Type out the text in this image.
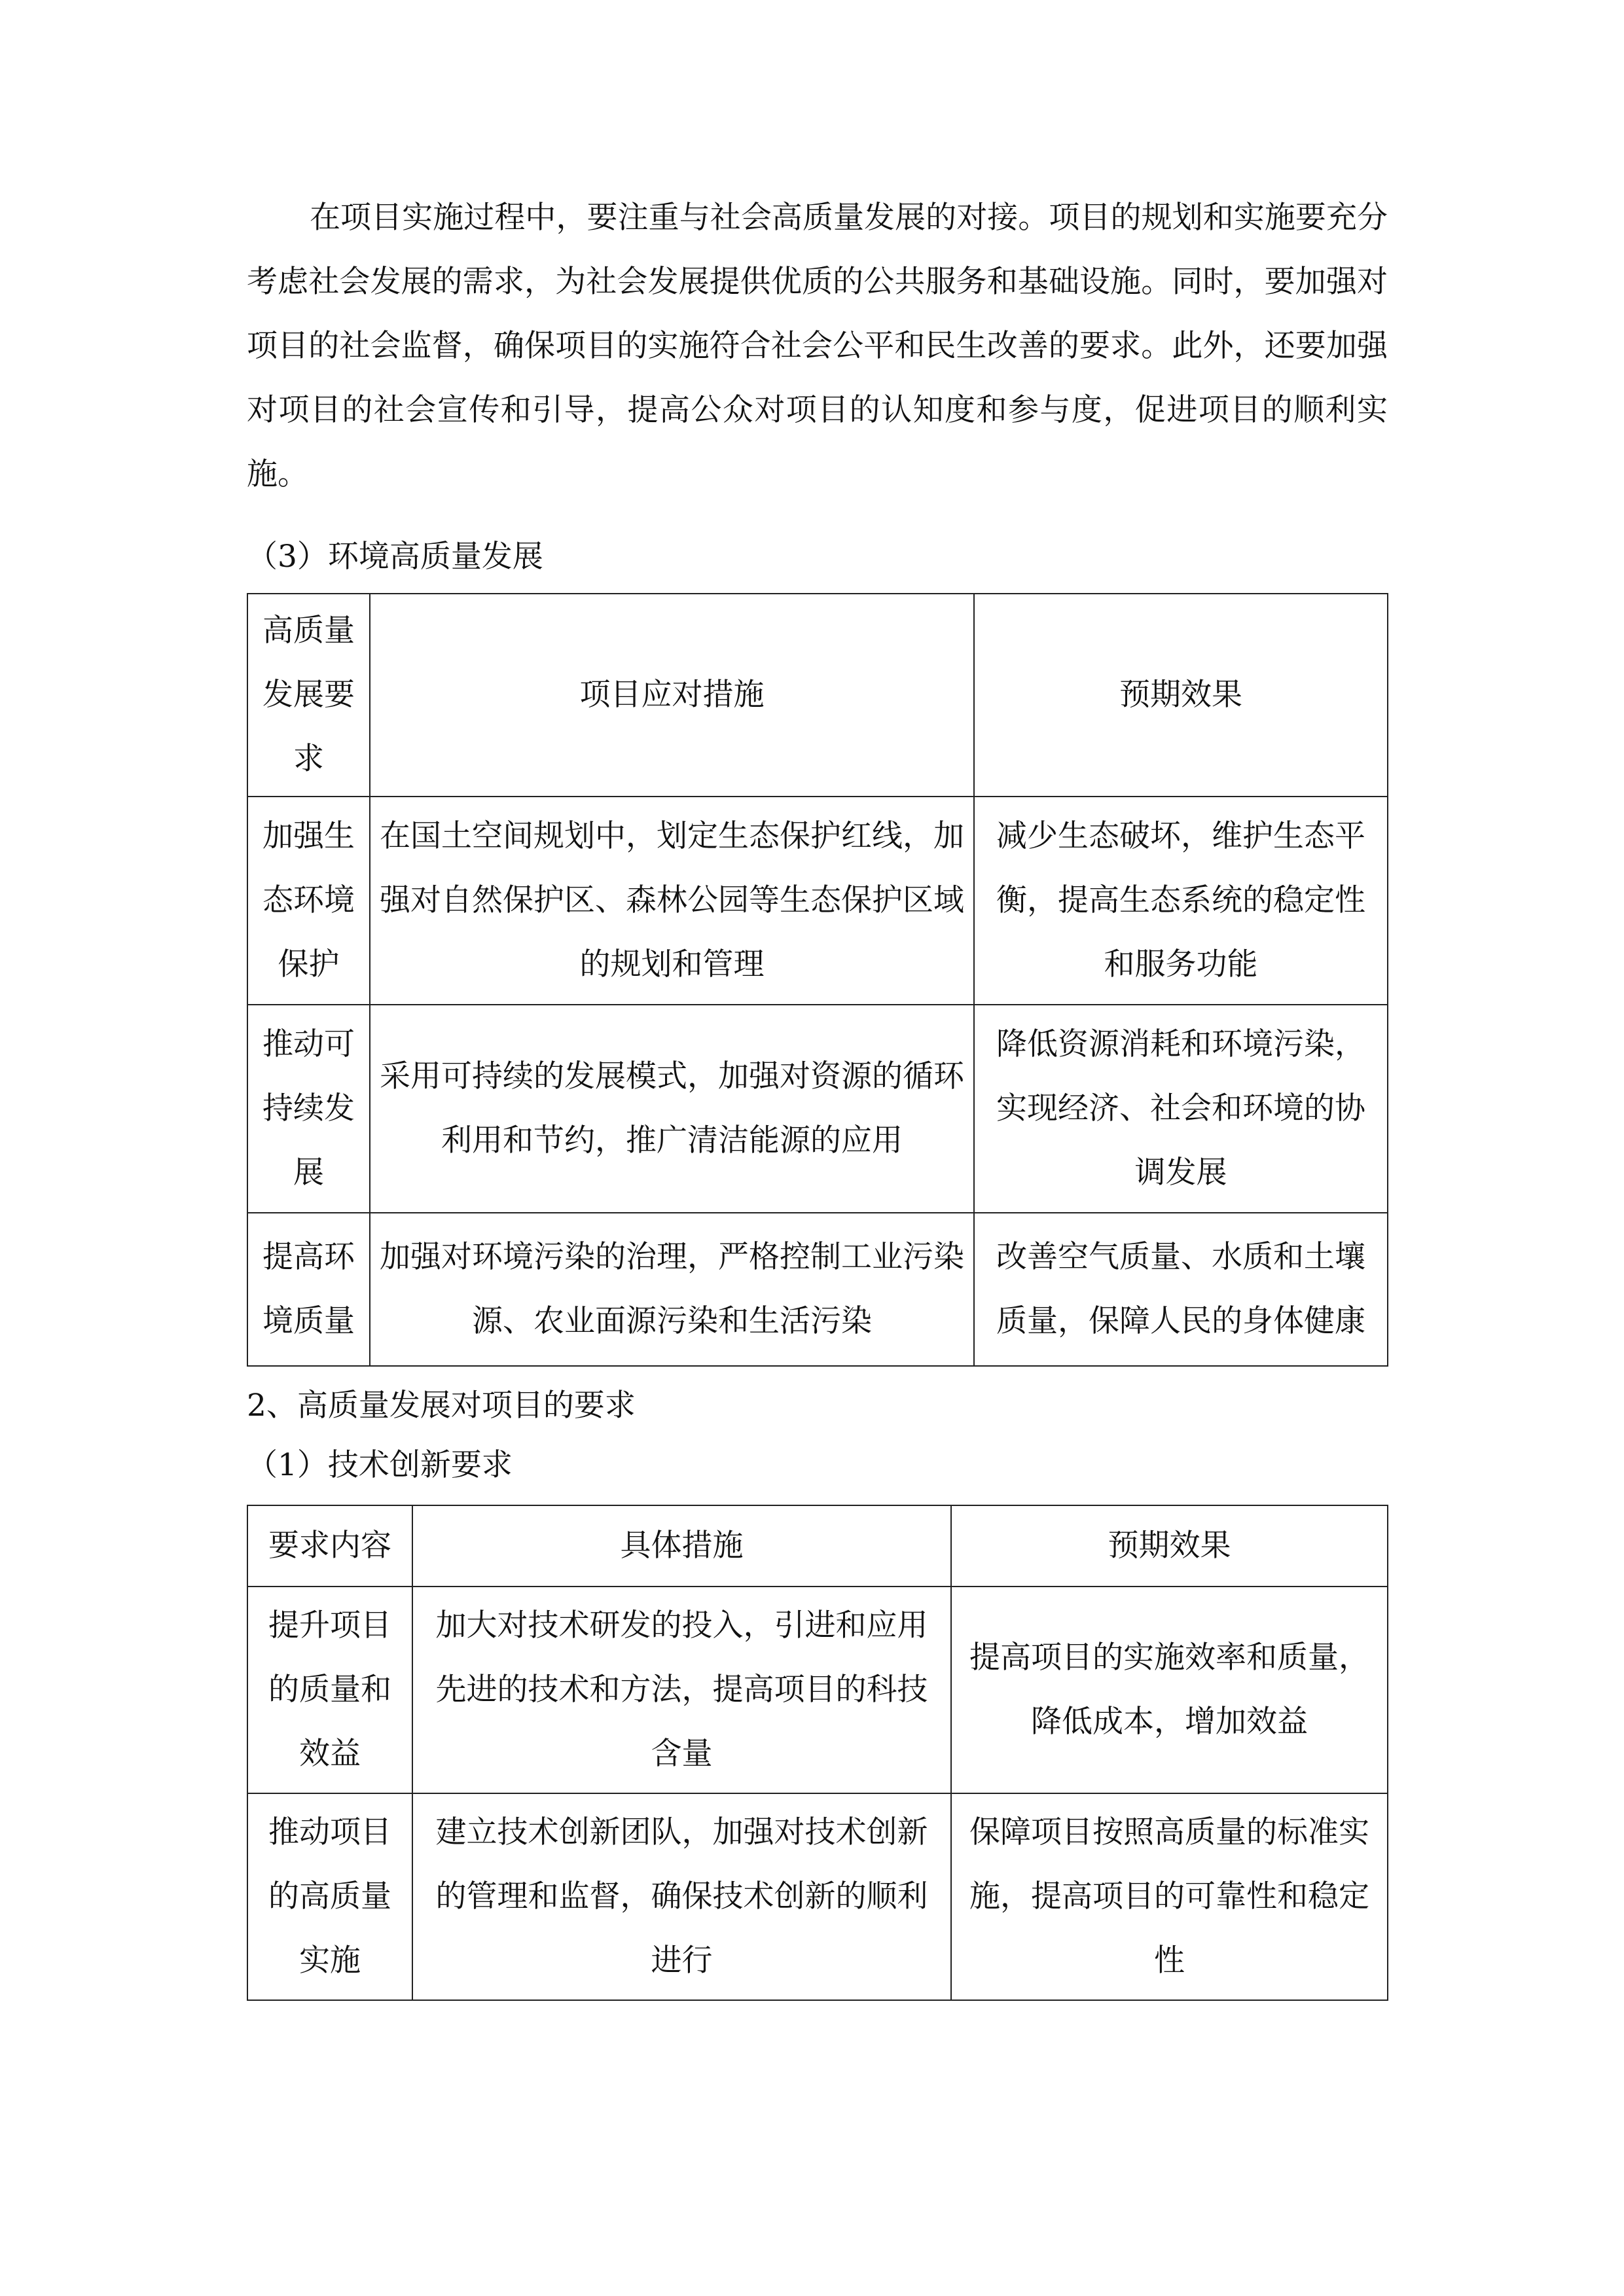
在项目实施过程中，要注重与社会高质量发展的对接。项目的规划和实施要充分考虑社会发展的需求，为社会发展提供优质的公共服务和基础设施。同时，要加强对项目的社会监督，确保项目的实施符合社会公平和民生改善的要求。此外，还要加强对项目的社会宣传和引导，提高公众对项目的认知度和参与度，促进项目的顺利实施。

（3）环境高质量发展

高质量发展要求	项目应对措施	预期效果
加强生态环境保护	在国土空间规划中，划定生态保护红线，加强对自然保护区、森林公园等生态保护区域的规划和管理	减少生态破坏，维护生态平衡，提高生态系统的稳定性和服务功能
推动可持续发展	采用可持续的发展模式，加强对资源的循环利用和节约，推广清洁能源的应用	降低资源消耗和环境污染，实现经济、社会和环境的协调发展
提高环境质量	加强对环境污染的治理，严格控制工业污染源、农业面源污染和生活污染	改善空气质量、水质和土壤质量，保障人民的身体健康

2、高质量发展对项目的要求

（1）技术创新要求

要求内容	具体措施	预期效果
提升项目的质量和效益	加大对技术研发的投入，引进和应用先进的技术和方法，提高项目的科技含量	提高项目的实施效率和质量，降低成本，增加效益
推动项目的高质量实施	建立技术创新团队，加强对技术创新的管理和监督，确保技术创新的顺利进行	保障项目按照高质量的标准实施，提高项目的可靠性和稳定性
